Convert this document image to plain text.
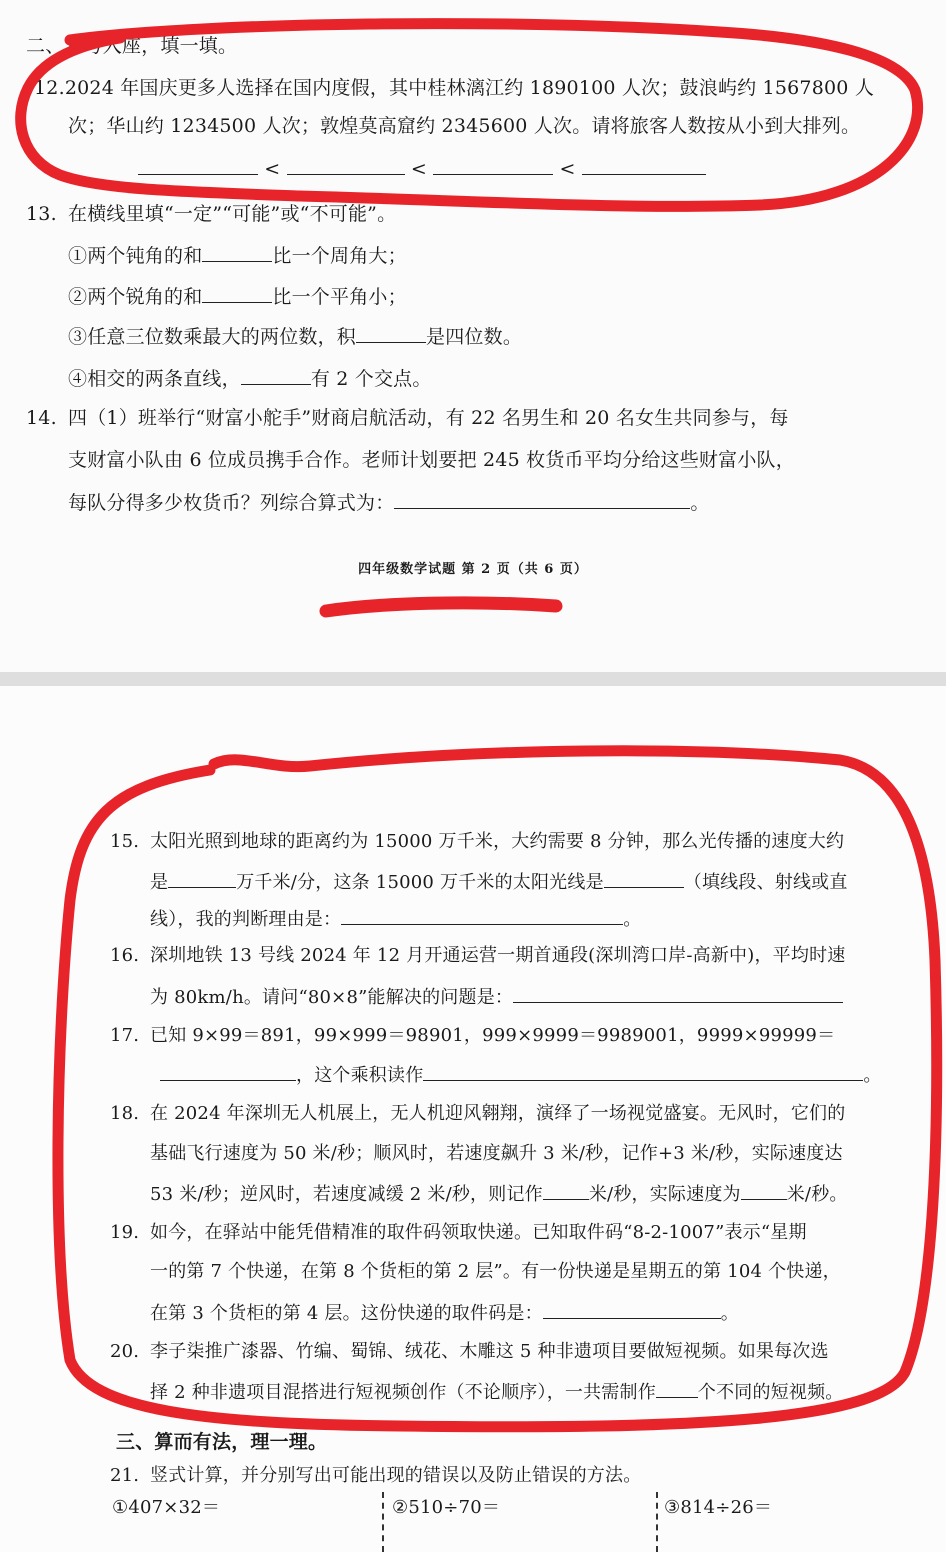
二、对号入座，填一填。
12.2024 年国庆更多人选择在国内度假，其中桂林漓江约 1890100 人次；鼓浪屿约 1567800 人
次；华山约 1234500 人次；敦煌莫高窟约 2345600 人次。请将旅客人数按从小到大排列。
<	<	<
13. 在横线里填“一定”“可能”或“不可能”。
①两个钝角的和	比一个周角大；
②两个锐角的和	比一个平角小；
③任意三位数乘最大的两位数，积	是四位数。
④相交的两条直线，	有 2 个交点。
14. 四（1）班举行“财富小舵手”财商启航活动，有 22 名男生和 20 名女生共同参与，每
支财富小队由 6 位成员携手合作。老师计划要把 245 枚货币平均分给这些财富小队，
每队分得多少枚货币？列综合算式为：	。
四年级数学试题 第 2 页（共 6 页）
15. 太阳光照到地球的距离约为 15000 万千米，大约需要 8 分钟，那么光传播的速度大约
是	万千米/分，这条 15000 万千米的太阳光线是	（填线段、射线或直
线），我的判断理由是：	。
16. 深圳地铁 13 号线 2024 年 12 月开通运营一期首通段(深圳湾口岸-高新中)，平均时速
为 80km/h。请问“80×8”能解决的问题是：
17. 已知 9×99＝891，99×999＝98901，999×9999＝9989001，9999×99999＝
，这个乘积读作	。
18. 在 2024 年深圳无人机展上，无人机迎风翱翔，演绎了一场视觉盛宴。无风时，它们的
基础飞行速度为 50 米/秒；顺风时，若速度飙升 3 米/秒，记作+3 米/秒，实际速度达
53 米/秒；逆风时，若速度减缓 2 米/秒，则记作	米/秒，实际速度为	米/秒。
19. 如今，在驿站中能凭借精准的取件码领取快递。已知取件码“8-2-1007”表示“星期
一的第 7 个快递，在第 8 个货柜的第 2 层”。有一份快递是星期五的第 104 个快递，
在第 3 个货柜的第 4 层。这份快递的取件码是：	。
20. 李子柒推广漆器、竹编、蜀锦、绒花、木雕这 5 种非遗项目要做短视频。如果每次选
择 2 种非遗项目混搭进行短视频创作（不论顺序），一共需制作 个不同的短视频。
三、算而有法，理一理。
21. 竖式计算，并分别写出可能出现的错误以及防止错误的方法。
①407×32＝	②510÷70＝	③814÷26＝
